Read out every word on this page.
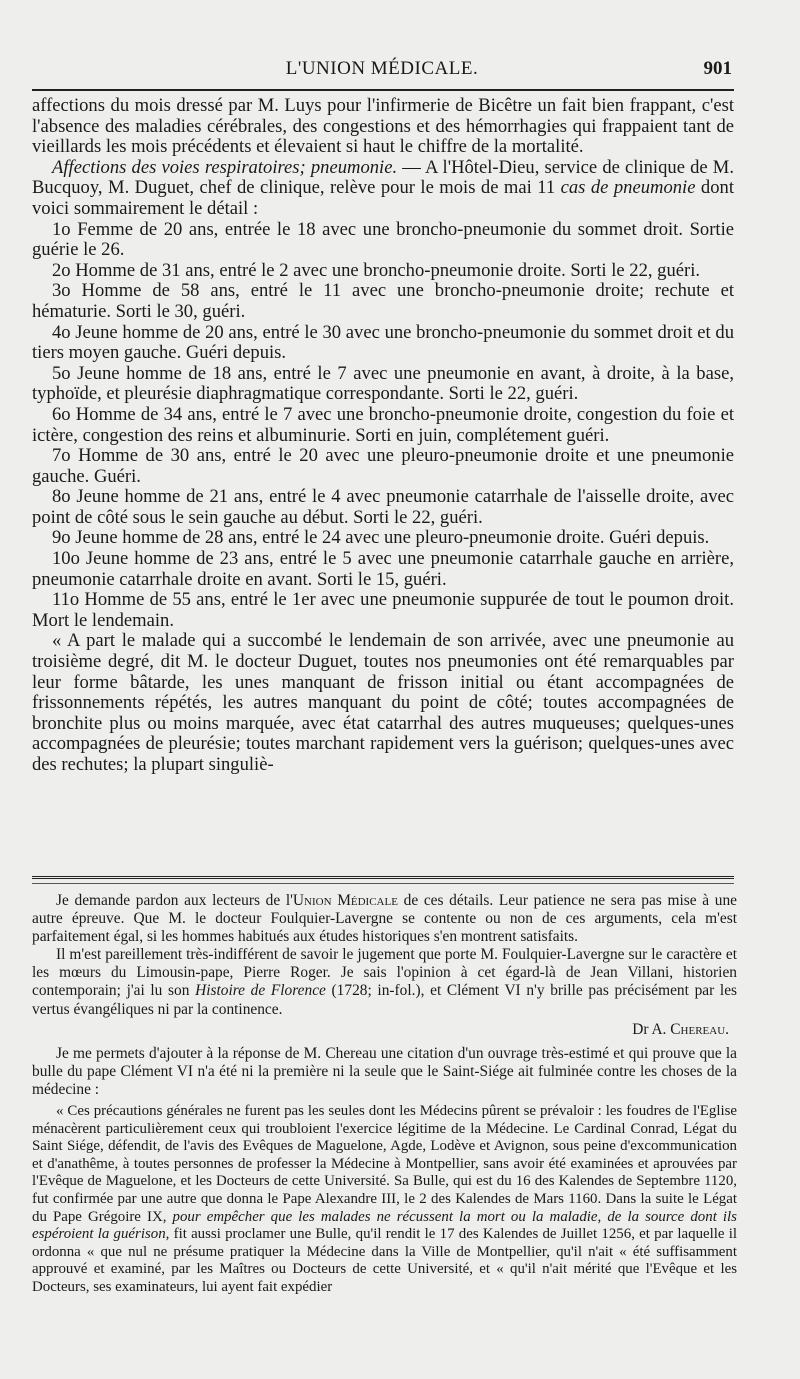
L'UNION MÉDICALE.	901

affections du mois dressé par M. Luys pour l'infirmerie de Bicêtre un fait bien frappant, c'est l'absence des maladies cérébrales, des congestions et des hémorrhagies qui frappaient tant de vieillards les mois précédents et élevaient si haut le chiffre de la mortalité.

Affections des voies respiratoires; pneumonie. — A l'Hôtel-Dieu, service de clinique de M. Bucquoy, M. Duguet, chef de clinique, relève pour le mois de mai 11 cas de pneumonie dont voici sommairement le détail :

1o Femme de 20 ans, entrée le 18 avec une broncho-pneumonie du sommet droit. Sortie guérie le 26.

2o Homme de 31 ans, entré le 2 avec une broncho-pneumonie droite. Sorti le 22, guéri.

3o Homme de 58 ans, entré le 11 avec une broncho-pneumonie droite; rechute et hématurie. Sorti le 30, guéri.

4o Jeune homme de 20 ans, entré le 30 avec une broncho-pneumonie du sommet droit et du tiers moyen gauche. Guéri depuis.

5o Jeune homme de 18 ans, entré le 7 avec une pneumonie en avant, à droite, à la base, typhoïde, et pleurésie diaphragmatique correspondante. Sorti le 22, guéri.

6o Homme de 34 ans, entré le 7 avec une broncho-pneumonie droite, congestion du foie et ictère, congestion des reins et albuminurie. Sorti en juin, complétement guéri.

7o Homme de 30 ans, entré le 20 avec une pleuro-pneumonie droite et une pneumonie gauche. Guéri.

8o Jeune homme de 21 ans, entré le 4 avec pneumonie catarrhale de l'aisselle droite, avec point de côté sous le sein gauche au début. Sorti le 22, guéri.

9o Jeune homme de 28 ans, entré le 24 avec une pleuro-pneumonie droite. Guéri depuis.

10o Jeune homme de 23 ans, entré le 5 avec une pneumonie catarrhale gauche en arrière, pneumonie catarrhale droite en avant. Sorti le 15, guéri.

11o Homme de 55 ans, entré le 1er avec une pneumonie suppurée de tout le poumon droit. Mort le lendemain.

« A part le malade qui a succombé le lendemain de son arrivée, avec une pneumonie au troisième degré, dit M. le docteur Duguet, toutes nos pneumonies ont été remarquables par leur forme bâtarde, les unes manquant de frisson initial ou étant accompagnées de frissonnements répétés, les autres manquant du point de côté; toutes accompagnées de bronchite plus ou moins marquée, avec état catarrhal des autres muqueuses; quelques-unes accompagnées de pleurésie; toutes marchant rapidement vers la guérison; quelques-unes avec des rechutes; la plupart singuliè-

Je demande pardon aux lecteurs de l'Union Médicale de ces détails. Leur patience ne sera pas mise à une autre épreuve. Que M. le docteur Foulquier-Lavergne se contente ou non de ces arguments, cela m'est parfaitement égal, si les hommes habitués aux études historiques s'en montrent satisfaits.

Il m'est pareillement très-indifférent de savoir le jugement que porte M. Foulquier-Lavergne sur le caractère et les mœurs du Limousin-pape, Pierre Roger. Je sais l'opinion à cet égard-là de Jean Villani, historien contemporain; j'ai lu son Histoire de Florence (1728; in-fol.), et Clément VI n'y brille pas précisément par les vertus évangéliques ni par la continence.

Dr A. Chereau.

Je me permets d'ajouter à la réponse de M. Chereau une citation d'un ouvrage très-estimé et qui prouve que la bulle du pape Clément VI n'a été ni la première ni la seule que le Saint-Siége ait fulminée contre les choses de la médecine :

« Ces précautions générales ne furent pas les seules dont les Médecins pûrent se prévaloir : les foudres de l'Eglise ménacèrent particulièrement ceux qui troubloient l'exercice légitime de la Médecine. Le Cardinal Conrad, Légat du Saint Siége, défendit, de l'avis des Evêques de Maguelone, Agde, Lodève et Avignon, sous peine d'excommunication et d'anathême, à toutes personnes de professer la Médecine à Montpellier, sans avoir été examinées et aprouvées par l'Evêque de Maguelone, et les Docteurs de cette Université. Sa Bulle, qui est du 16 des Kalendes de Septembre 1120, fut confirmée par une autre que donna le Pape Alexandre III, le 2 des Kalendes de Mars 1160. Dans la suite le Légat du Pape Grégoire IX, pour empêcher que les malades ne récussent la mort ou la maladie, de la source dont ils espéroient la guérison, fit aussi proclamer une Bulle, qu'il rendit le 17 des Kalendes de Juillet 1256, et par laquelle il ordonna « que nul ne présume pratiquer la Médecine dans la Ville de Montpellier, qu'il n'ait « été suffisamment approuvé et examiné, par les Maîtres ou Docteurs de cette Université, et « qu'il n'ait mérité que l'Evêque et les Docteurs, ses examinateurs, lui ayent fait expédier
